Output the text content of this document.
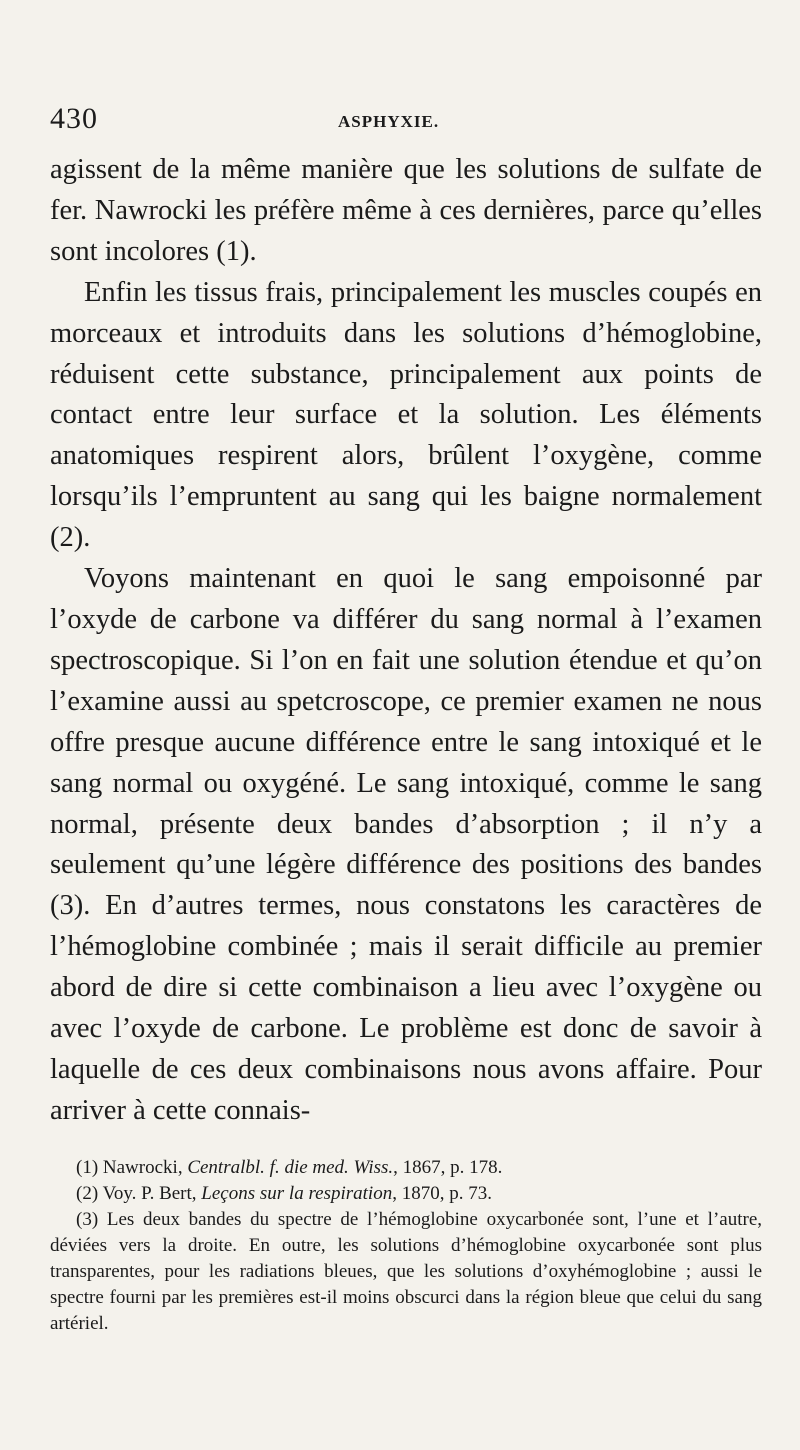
430	ASPHYXIE.

agissent de la même manière que les solutions de sulfate de fer. Nawrocki les préfère même à ces dernières, parce qu’elles sont incolores (1).

Enfin les tissus frais, principalement les muscles coupés en morceaux et introduits dans les solutions d’hémoglobine, réduisent cette substance, principalement aux points de contact entre leur surface et la solution. Les éléments anatomiques respirent alors, brûlent l’oxygène, comme lorsqu’ils l’empruntent au sang qui les baigne normalement (2).

Voyons maintenant en quoi le sang empoisonné par l’oxyde de carbone va différer du sang normal à l’examen spectroscopique. Si l’on en fait une solution étendue et qu’on l’examine aussi au spetcroscope, ce premier examen ne nous offre presque aucune différence entre le sang intoxiqué et le sang normal ou oxygéné. Le sang intoxiqué, comme le sang normal, présente deux bandes d’absorption ; il n’y a seulement qu’une légère différence des positions des bandes (3). En d’autres termes, nous constatons les caractères de l’hémoglobine combinée ; mais il serait difficile au premier abord de dire si cette combinaison a lieu avec l’oxygène ou avec l’oxyde de carbone. Le problème est donc de savoir à laquelle de ces deux combinaisons nous avons affaire. Pour arriver à cette connais-

(1) Nawrocki, Centralbl. f. die med. Wiss., 1867, p. 178.

(2) Voy. P. Bert, Leçons sur la respiration, 1870, p. 73.

(3) Les deux bandes du spectre de l’hémoglobine oxycarbonée sont, l’une et l’autre, déviées vers la droite. En outre, les solutions d’hémoglobine oxycarbonée sont plus transparentes, pour les radiations bleues, que les solutions d’oxyhémoglobine ; aussi le spectre fourni par les premières est-il moins obscurci dans la région bleue que celui du sang artériel.
